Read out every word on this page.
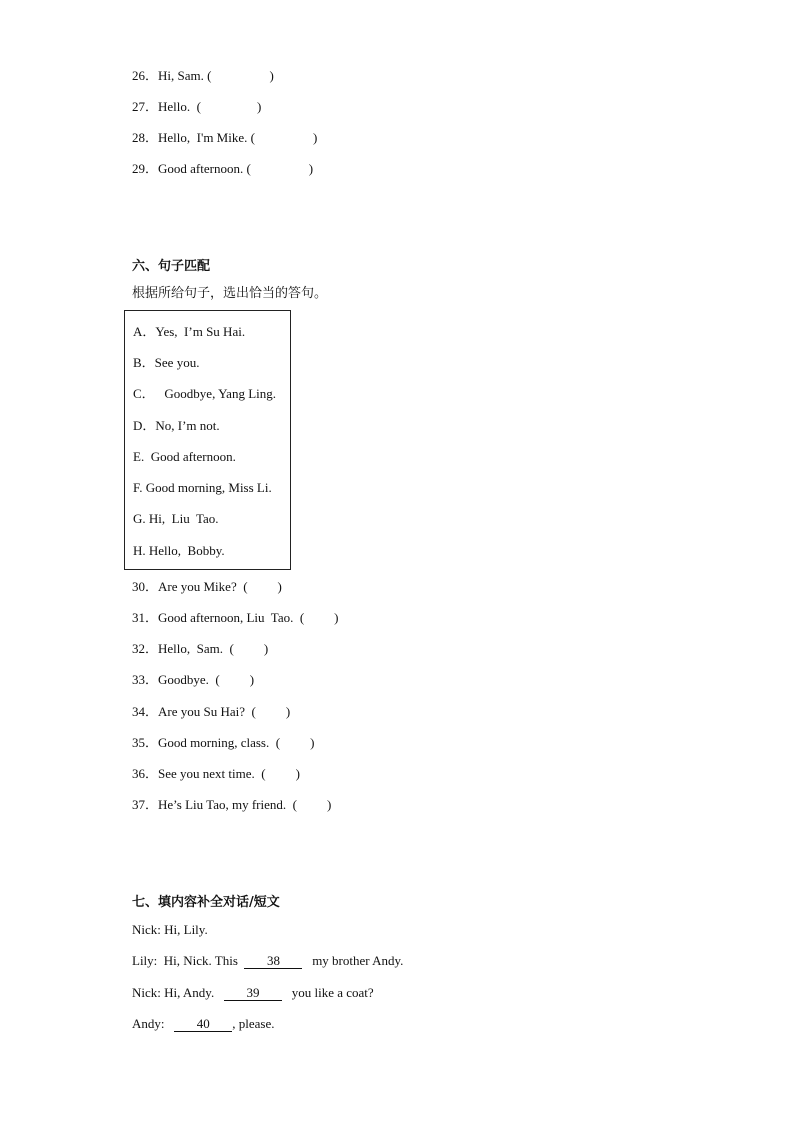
26．Hi, Sam. (	)
27．Hello.  (	)
28．Hello,  I'm Mike. (	)
29．Good afternoon. (	)
六、句子匹配
根据所给句子，选出恰当的答句。
A．Yes,  I’m Su Hai.
B．See you.
C．   Goodbye, Yang Ling.
D．No, I’m not.
E.  Good afternoon.
F. Good morning, Miss Li.
G. Hi,  Liu  Tao.
H. Hello,  Bobby.
30．Are you Mike?  ( )
31．Good afternoon, Liu  Tao.  ( )
32．Hello,  Sam.  ( )
33．Goodbye.  ( )
34．Are you Su Hai?  ( )
35．Good morning, class.  ( )
36．See you next time.  ( )
37．He’s Liu Tao, my friend.  ( )
七、填内容补全对话/短文
Nick: Hi, Lily.
Lily:  Hi, Nick. This  38   my brother Andy.
Nick: Hi, Andy.   39   you like a coat?
Andy:   40 , please.
